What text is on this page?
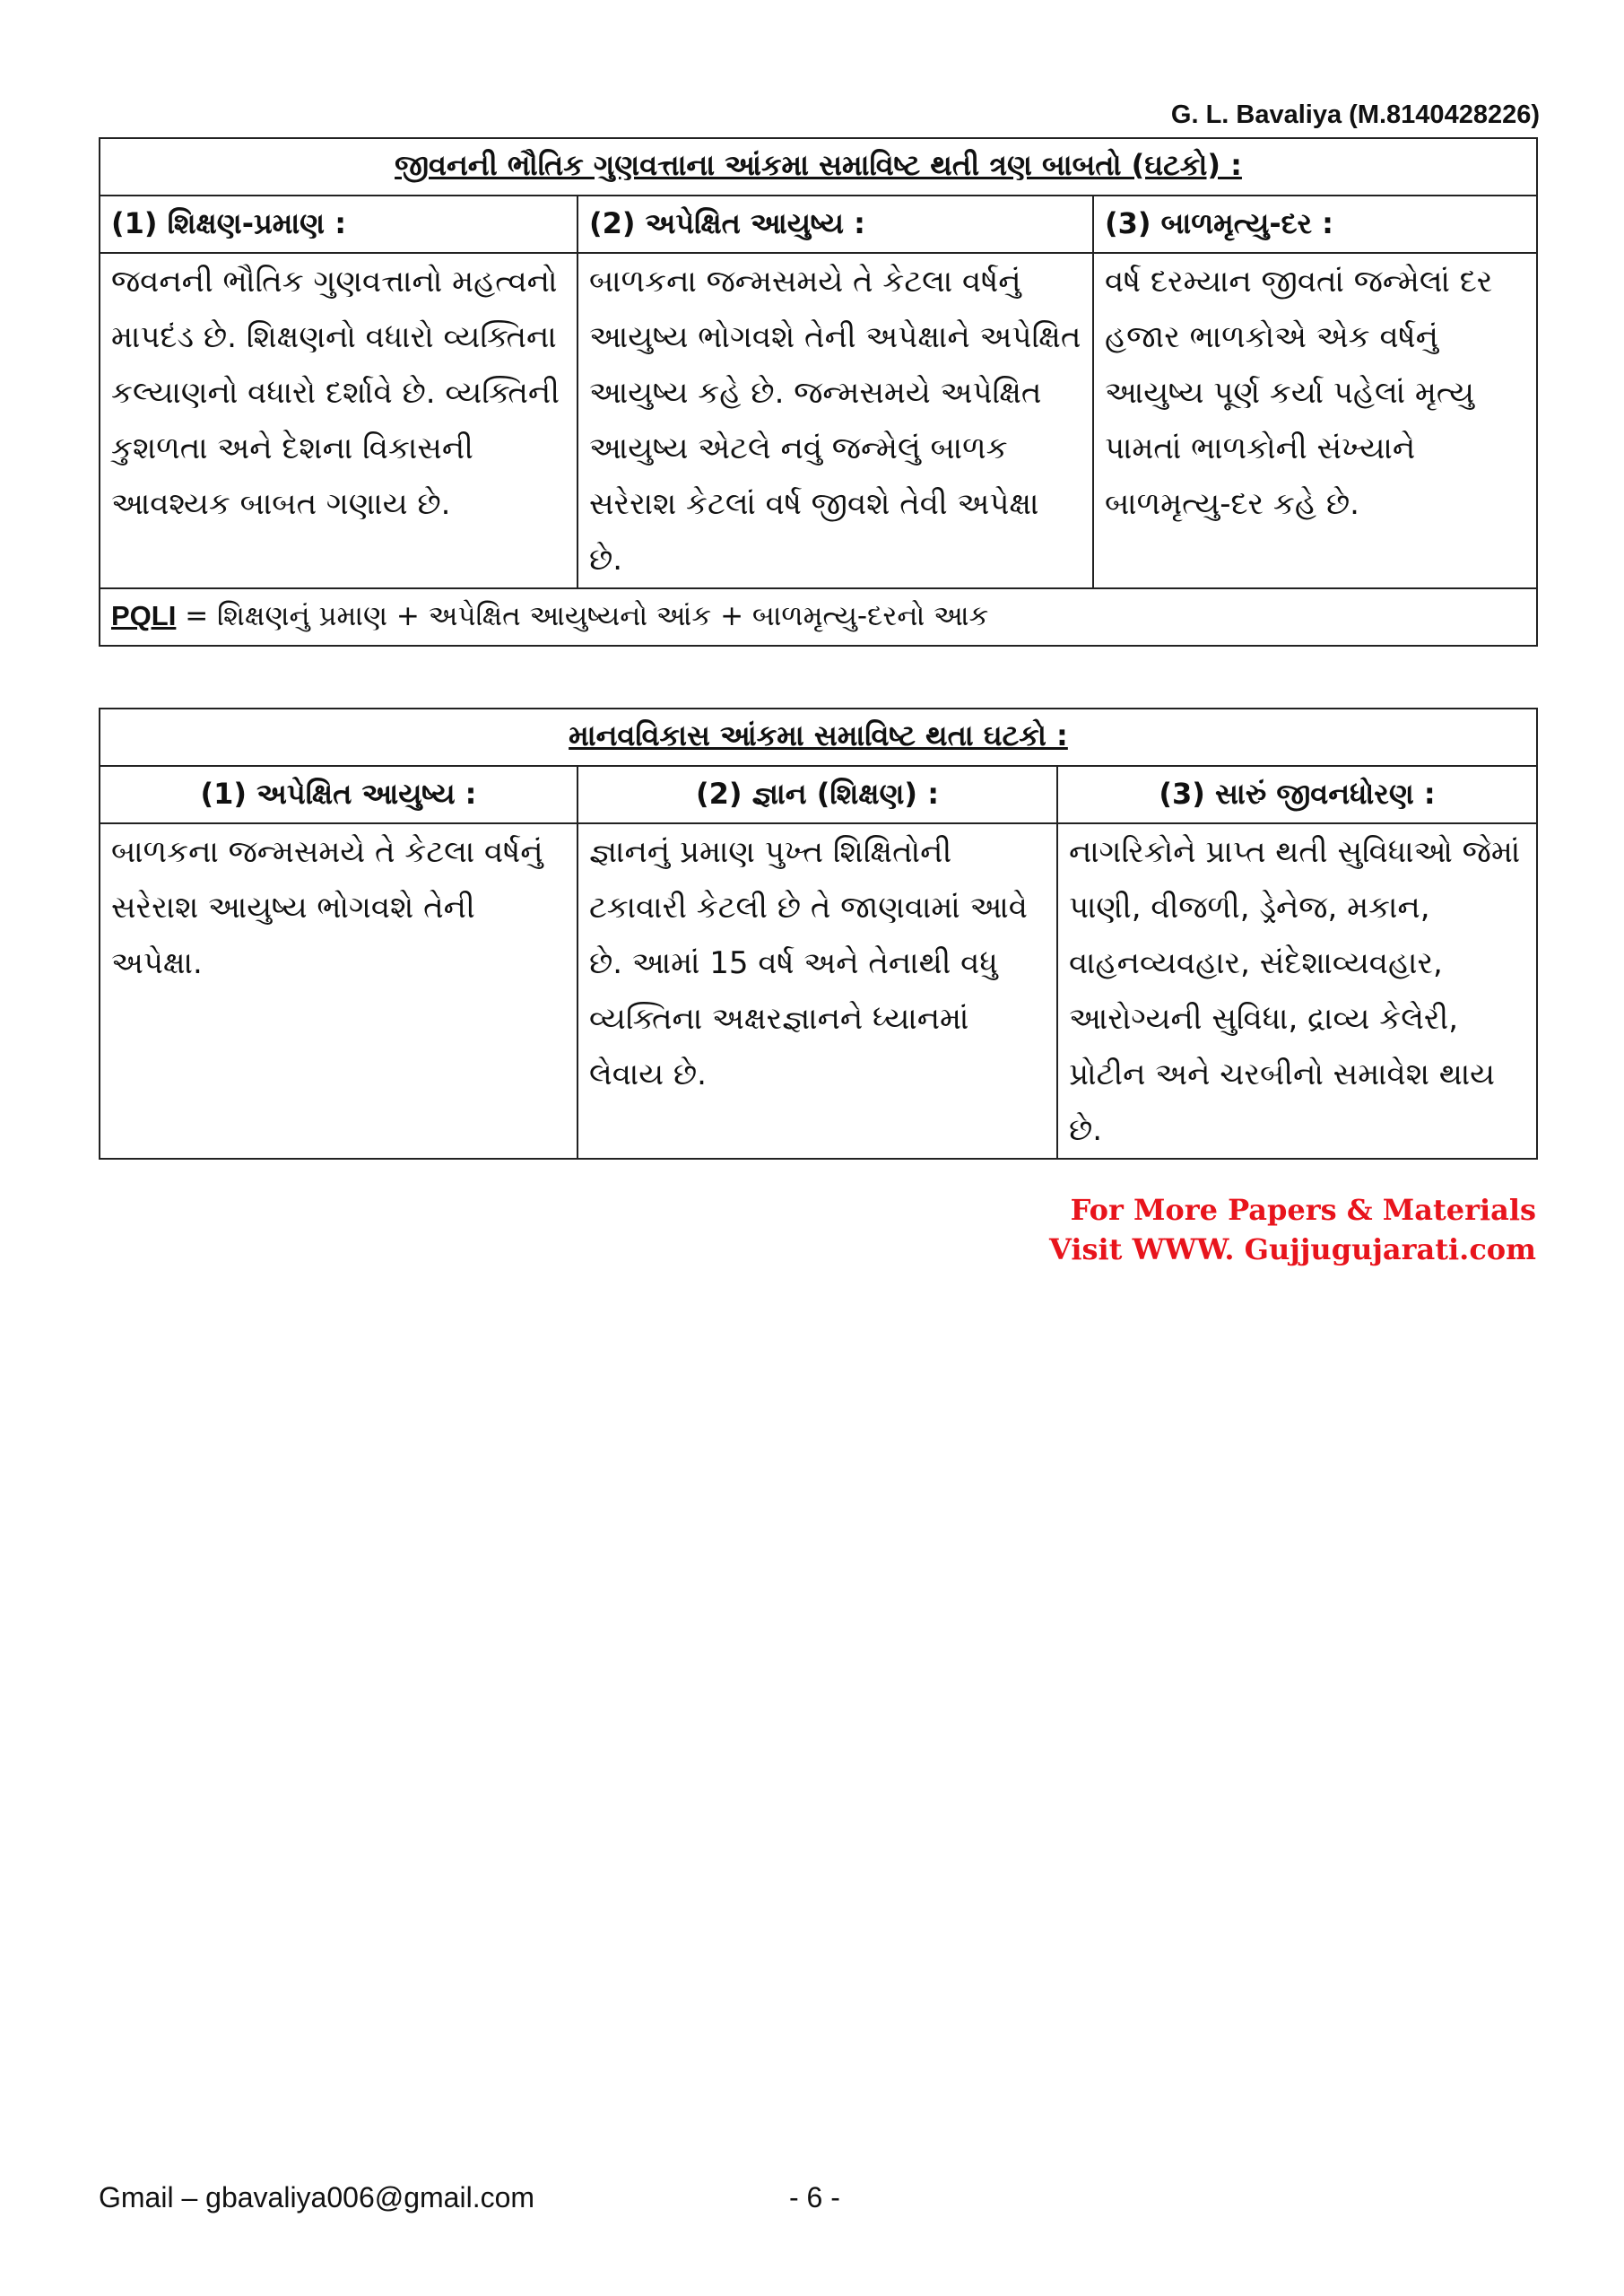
G. L. Bavaliya (M.8140428226)
જીવનની ભૌતિક ગુણવત્તાના આંકમા સમાવિષ્ટ થતી ત્રણ બાબતો (ઘટકો) :		
(1) શિક્ષણ-પ્રમાણ :	(2) અપેક્ષિત આયુષ્ય :	(3) બાળમૃત્યુ-દર :

જવનની ભૌતિક ગુણવત્તાનો મહત્વનો માપદંડ છે. શિક્ષણનો વધારો વ્યક્તિના કલ્યાણનો વધારો દર્શાવે છે. વ્યક્તિની કુશળતા અને દેશના વિકાસની આવશ્યક બાબત ગણાય છે.	બાળકના જન્મસમયે તે કેટલા વર્ષનું આયુષ્ય ભોગવશે તેની અપેક્ષાને અપેક્ષિત આયુષ્ય કહે છે. જન્મસમયે અપેક્ષિત આયુષ્ય એટલે નવું જન્મેલું બાળક સરેરાશ કેટલાં વર્ષ જીવશે તેવી અપેક્ષા છે.	વર્ષ દરમ્યાન જીવતાં જન્મેલાં દર હજાર ભાળકોએ એક વર્ષનું આયુષ્ય પૂર્ણ કર્યા પહેલાં મૃત્યુ પામતાં ભાળકોની સંખ્યાને બાળમૃત્યુ-દર કહે છે.

PQLI = શિક્ષણનું પ્રમાણ + અપેક્ષિત આયુષ્યનો આંક + બાળમૃત્યુ-દરનો આક		
માનવવિકાસ આંકમા સમાવિષ્ટ થતા ઘટકો :		
(1) અપેક્ષિત આયુષ્ય :	(2) જ્ઞાન (શિક્ષણ) :	(3) સારું જીવનધોરણ :

બાળકના જન્મસમયે તે કેટલા વર્ષનું સરેરાશ આયુષ્ય ભોગવશે તેની અપેક્ષા.	જ્ઞાનનું પ્રમાણ પુખ્ત શિક્ષિતોની ટકાવારી કેટલી છે તે જાણવામાં આવે છે. આમાં 15 વર્ષ અને તેનાથી વધુ વ્યક્તિના અક્ષરજ્ઞાનને ધ્યાનમાં લેવાય છે.	નાગરિકોને પ્રાપ્ત થતી સુવિધાઓ જેમાં પાણી, વીજળી, ડ્રેનેજ, મકાન, વાહનવ્યવહાર, સંદેશાવ્યવહાર, આરોગ્યની સુવિધા, દ્રાવ્ય કેલેરી, પ્રોટીન અને ચરબીનો સમાવેશ થાય છે.
For More Papers & Materials
Visit WWW. Gujjugujarati.com
Gmail – gbavaliya006@gmail.com	- 6 -
